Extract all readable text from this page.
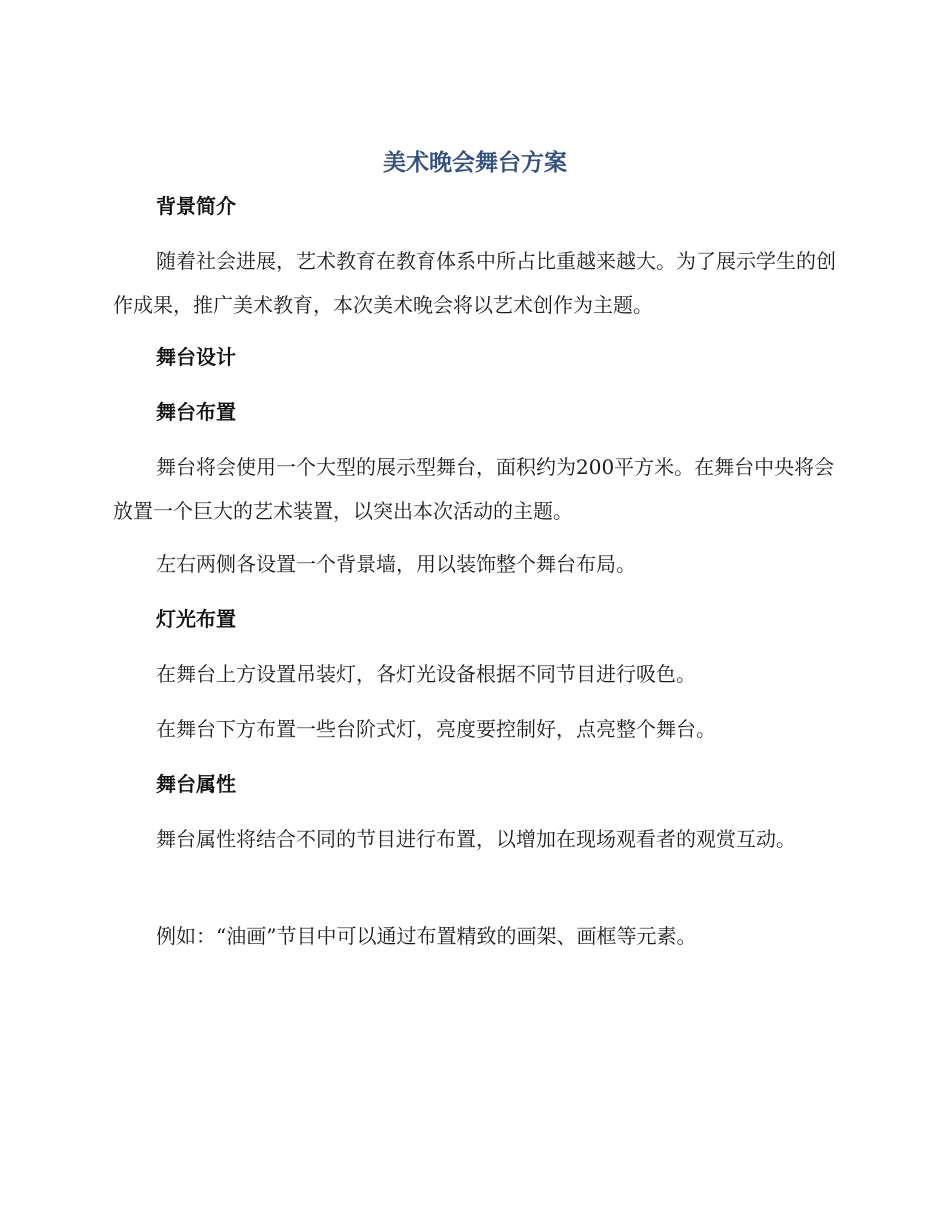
美术晚会舞台方案
背景简介

随着社会进展，艺术教育在教育体系中所占比重越来越大。为了展示学生的创作成果，推广美术教育，本次美术晚会将以艺术创作为主题。

舞台设计
舞台布置

舞台将会使用一个大型的展示型舞台，面积约为200平方米。在舞台中央将会放置一个巨大的艺术装置，以突出本次活动的主题。

左右两侧各设置一个背景墙，用以装饰整个舞台布局。

灯光布置

在舞台上方设置吊装灯，各灯光设备根据不同节目进行吸色。

在舞台下方布置一些台阶式灯，亮度要控制好，点亮整个舞台。

舞台属性

舞台属性将结合不同的节目进行布置，以增加在现场观看者的观赏互动。

例如：“油画”节目中可以通过布置精致的画架、画框等元素。
